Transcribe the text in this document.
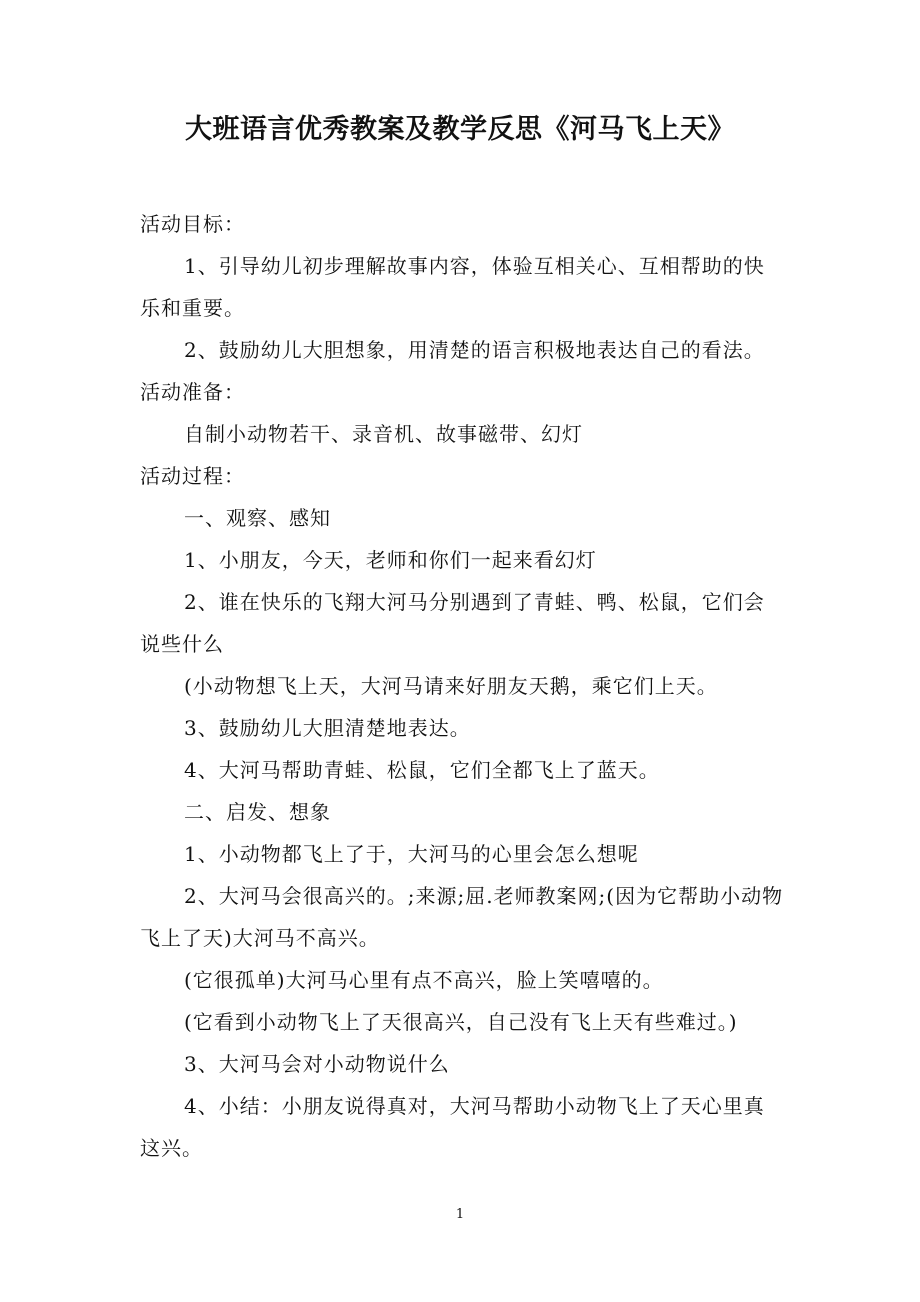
大班语言优秀教案及教学反思《河马飞上天》
活动目标：
1、引导幼儿初步理解故事内容，体验互相关心、互相帮助的快
乐和重要。
2、鼓励幼儿大胆想象，用清楚的语言积极地表达自己的看法。
活动准备：
自制小动物若干、录音机、故事磁带、幻灯
活动过程：
一、观察、感知
1、小朋友，今天，老师和你们一起来看幻灯
2、谁在快乐的飞翔大河马分别遇到了青蛙、鸭、松鼠，它们会
说些什么
(小动物想飞上天，大河马请来好朋友天鹅，乘它们上天。
3、鼓励幼儿大胆清楚地表达。
4、大河马帮助青蛙、松鼠，它们全都飞上了蓝天。
二、启发、想象
1、小动物都飞上了于，大河马的心里会怎么想呢
2、大河马会很高兴的。;来源;屈.老师教案网;(因为它帮助小动物
飞上了天)大河马不高兴。
(它很孤单)大河马心里有点不高兴，脸上笑嘻嘻的。
(它看到小动物飞上了天很高兴，自己没有飞上天有些难过。)
3、大河马会对小动物说什么
4、小结：小朋友说得真对，大河马帮助小动物飞上了天心里真
这兴。
1
